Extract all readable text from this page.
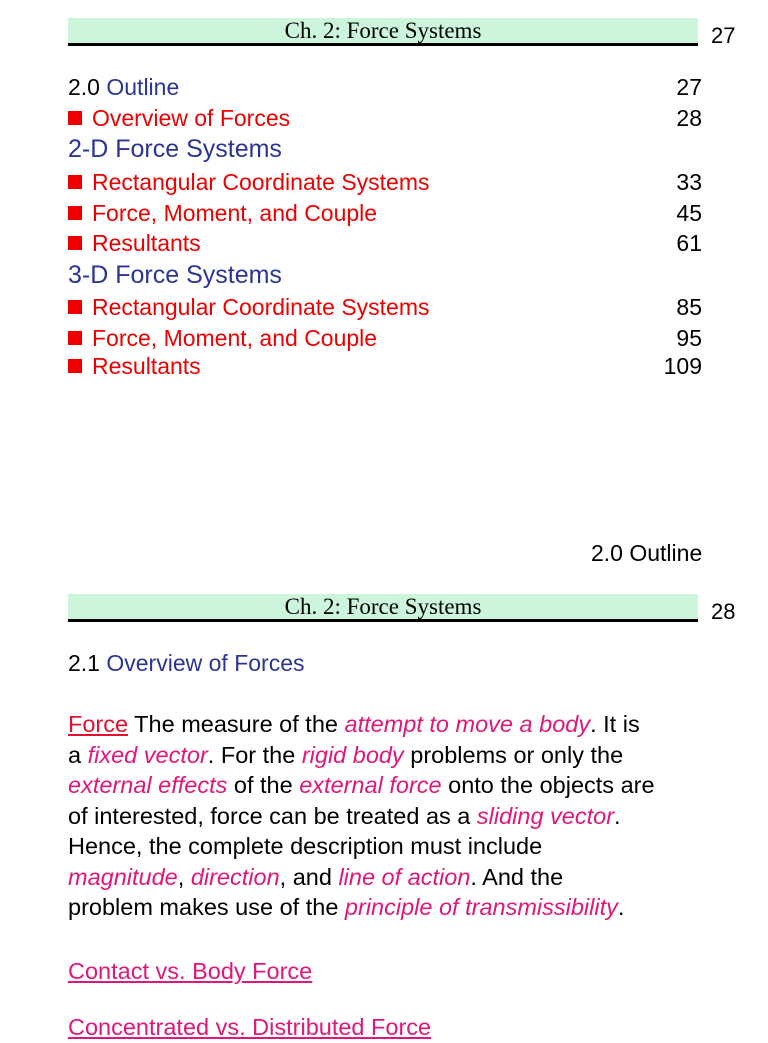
Ch. 2: Force Systems	27
2.0 Outline	27
Overview of Forces	28
2-D Force Systems
Rectangular Coordinate Systems	33
Force, Moment, and Couple	45
Resultants	61
3-D Force Systems
Rectangular Coordinate Systems	85
Force, Moment, and Couple	95
Resultants	109
2.0 Outline
Ch. 2: Force Systems	28
2.1 Overview of Forces
Force The measure of the attempt to move a body. It is
a fixed vector. For the rigid body problems or only the
external effects of the external force onto the objects are
of interested, force can be treated as a sliding vector.
Hence, the complete description must include
magnitude, direction, and line of action. And the
problem makes use of the principle of transmissibility.
Contact vs. Body Force
Concentrated vs. Distributed Force
